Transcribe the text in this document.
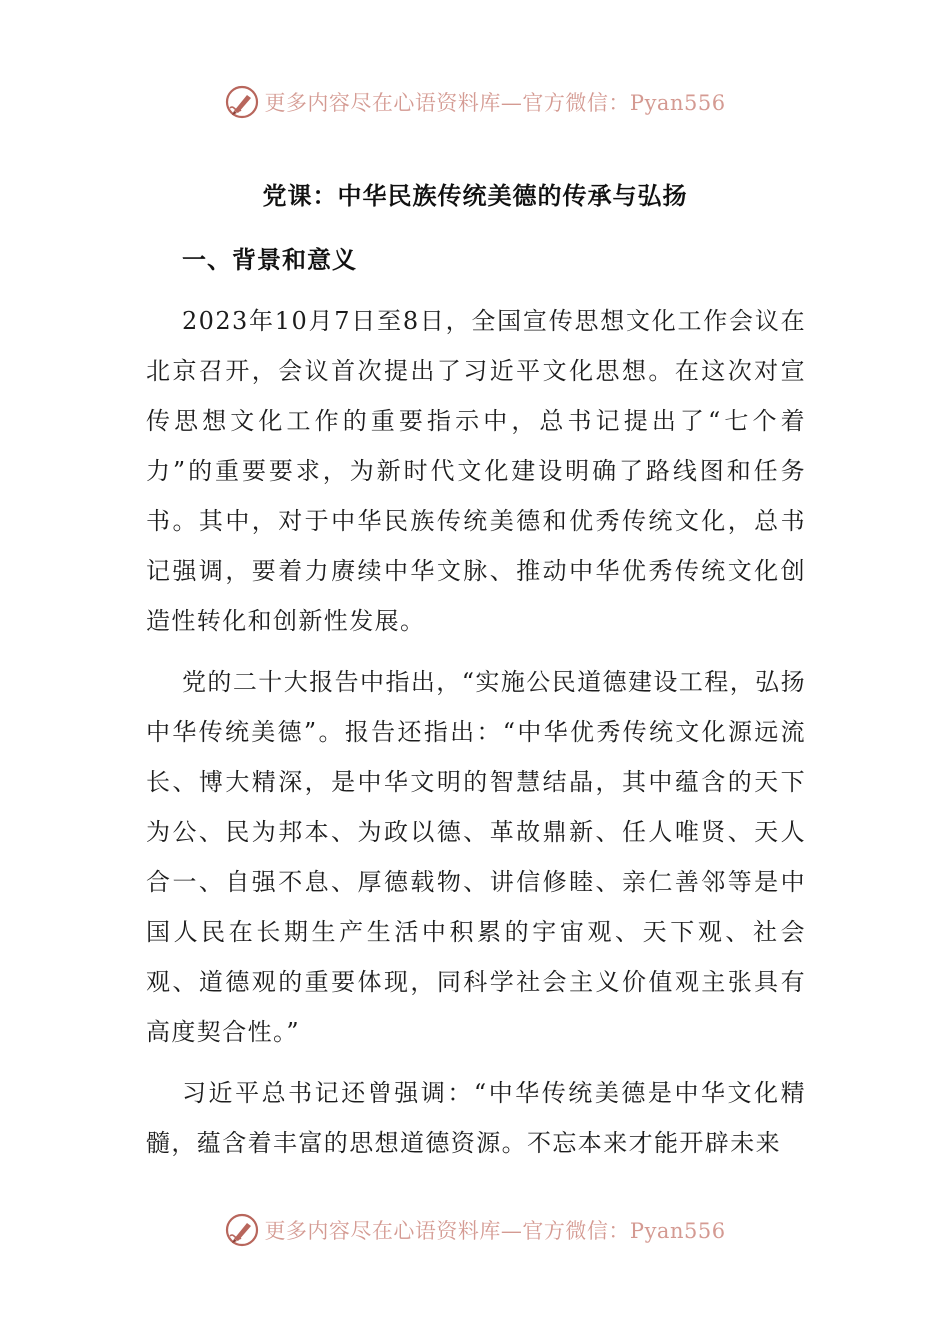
更多内容尽在心语资料库—官方微信：Pyan556
党课：中华民族传统美德的传承与弘扬
一、背景和意义

2023年10月7日至8日，全国宣传思想文化工作会议在北京召开，会议首次提出了习近平文化思想。在这次对宣传思想文化工作的重要指示中，总书记提出了“七个着力”的重要要求，为新时代文化建设明确了路线图和任务书。其中，对于中华民族传统美德和优秀传统文化，总书记强调，要着力赓续中华文脉、推动中华优秀传统文化创造性转化和创新性发展。

党的二十大报告中指出，“实施公民道德建设工程，弘扬中华传统美德”。报告还指出：“中华优秀传统文化源远流长、博大精深，是中华文明的智慧结晶，其中蕴含的天下为公、民为邦本、为政以德、革故鼎新、任人唯贤、天人合一、自强不息、厚德载物、讲信修睦、亲仁善邻等是中国人民在长期生产生活中积累的宇宙观、天下观、社会观、道德观的重要体现，同科学社会主义价值观主张具有高度契合性。”

习近平总书记还曾强调：“中华传统美德是中华文化精髓，蕴含着丰富的思想道德资源。不忘本来才能开辟未来

更多内容尽在心语资料库—官方微信：Pyan556
